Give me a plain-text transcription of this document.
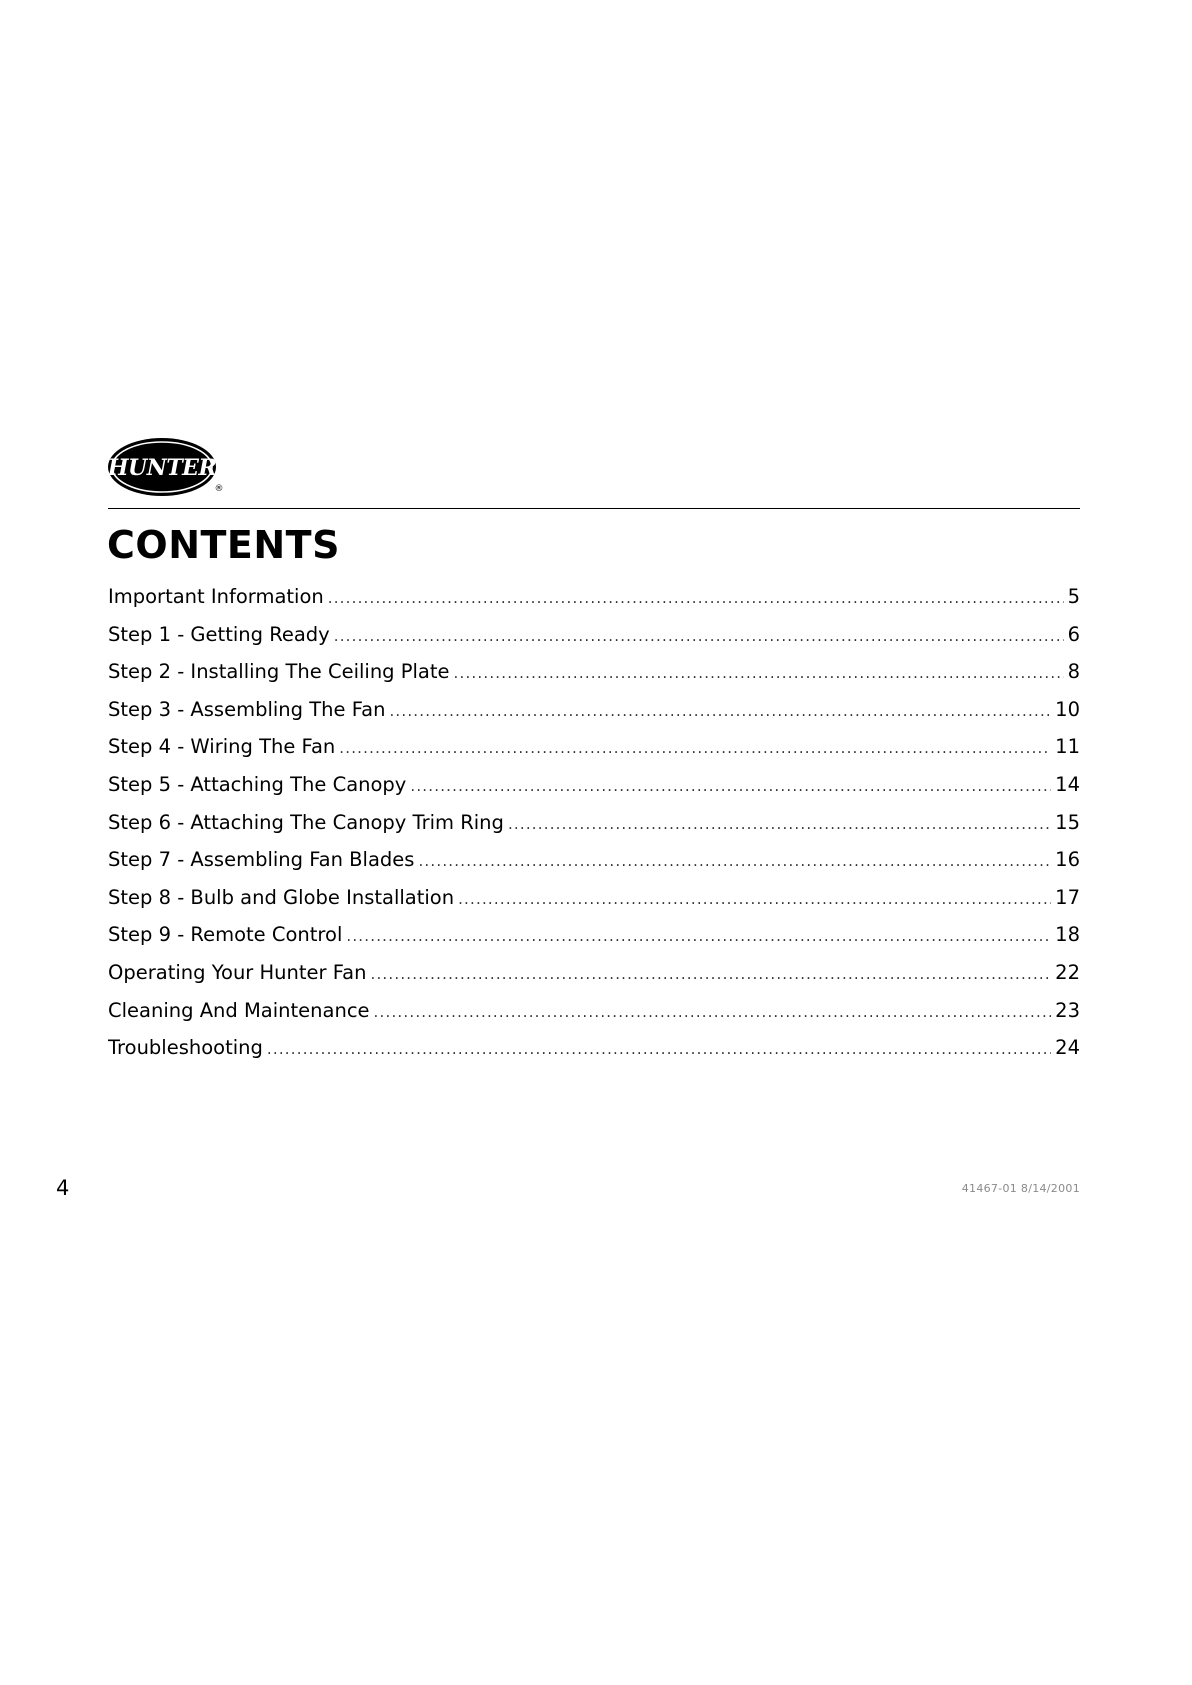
HUNTER
®
CONTENTS
Important Information .....	5
Step 1 - Getting Ready .....	6
Step 2 - Installing The Ceiling Plate .....	8
Step 3 - Assembling The Fan .....	10
Step 4 - Wiring The Fan .....	11
Step 5 - Attaching The Canopy .....	14
Step 6 - Attaching The Canopy Trim Ring .....	15
Step 7 - Assembling Fan Blades .....	16
Step 8 - Bulb and Globe Installation .....	17
Step 9 - Remote Control .....	18
Operating Your Hunter Fan .....	22
Cleaning And Maintenance .....	23
Troubleshooting .....	24
4	41467-01 8/14/2001
